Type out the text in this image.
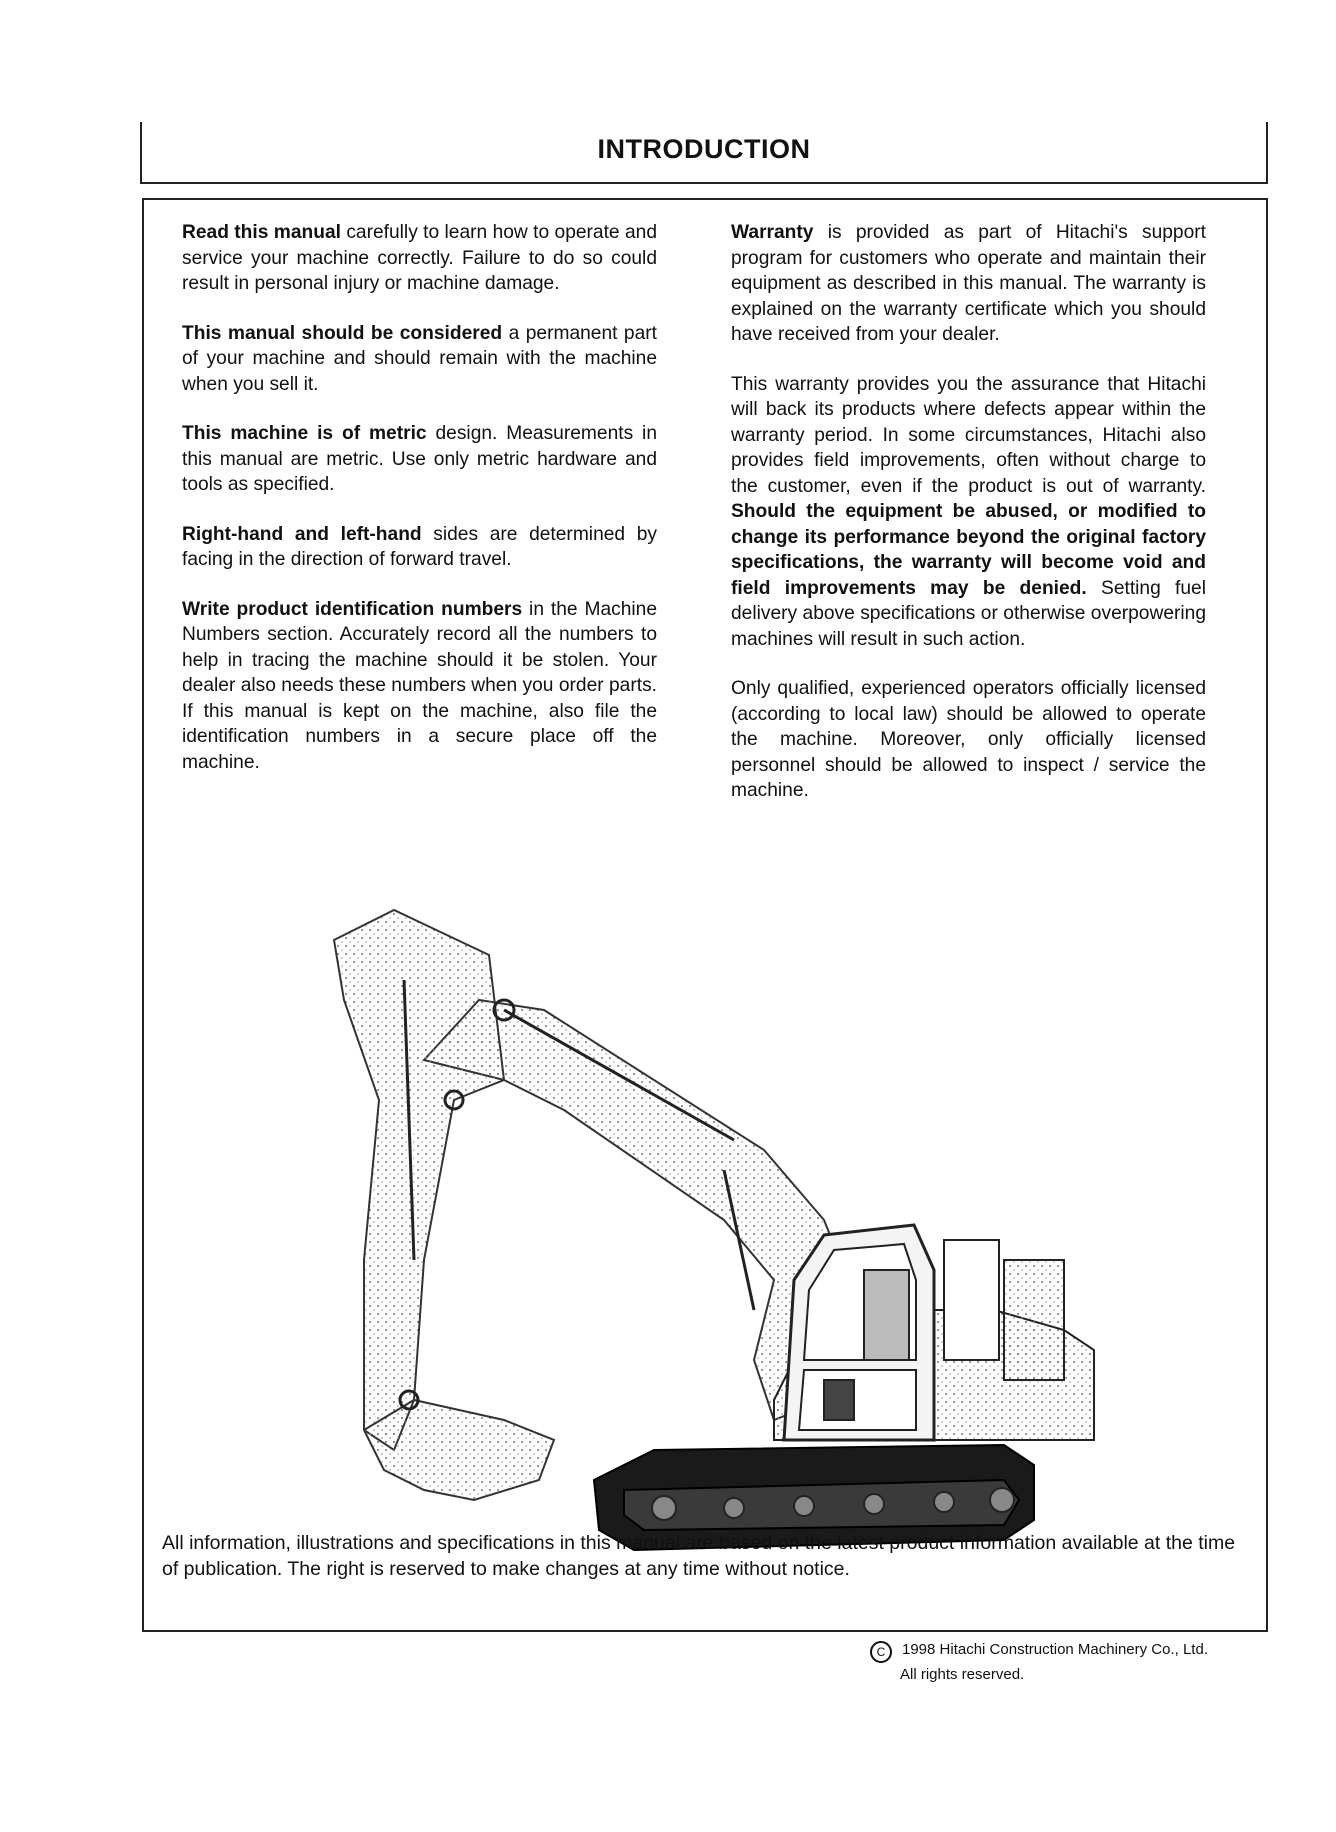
INTRODUCTION

Read this manual carefully to learn how to operate and service your machine correctly. Failure to do so could result in personal injury or machine damage.

This manual should be considered a permanent part of your machine and should remain with the machine when you sell it.

This machine is of metric design. Measurements in this manual are metric. Use only metric hardware and tools as specified.

Right-hand and left-hand sides are determined by facing in the direction of forward travel.

Write product identification numbers in the Machine Numbers section. Accurately record all the numbers to help in tracing the machine should it be stolen. Your dealer also needs these numbers when you order parts. If this manual is kept on the machine, also file the identification numbers in a secure place off the machine.

Warranty is provided as part of Hitachi's support program for customers who operate and maintain their equipment as described in this manual. The warranty is explained on the warranty certificate which you should have received from your dealer.

This warranty provides you the assurance that Hitachi will back its products where defects appear within the warranty period. In some circumstances, Hitachi also provides field improvements, often without charge to the customer, even if the product is out of warranty. Should the equipment be abused, or modified to change its performance beyond the original factory specifications, the warranty will become void and field improvements may be denied. Setting fuel delivery above specifications or otherwise overpowering machines will result in such action.

Only qualified, experienced operators officially licensed (according to local law) should be allowed to operate the machine. Moreover, only officially licensed personnel should be allowed to inspect / service the machine.

All information, illustrations and specifications in this manual are based on the latest product information available at the time of publication. The right is reserved to make changes at any time without notice.
C 1998 Hitachi Construction Machinery Co., Ltd.
All rights reserved.
